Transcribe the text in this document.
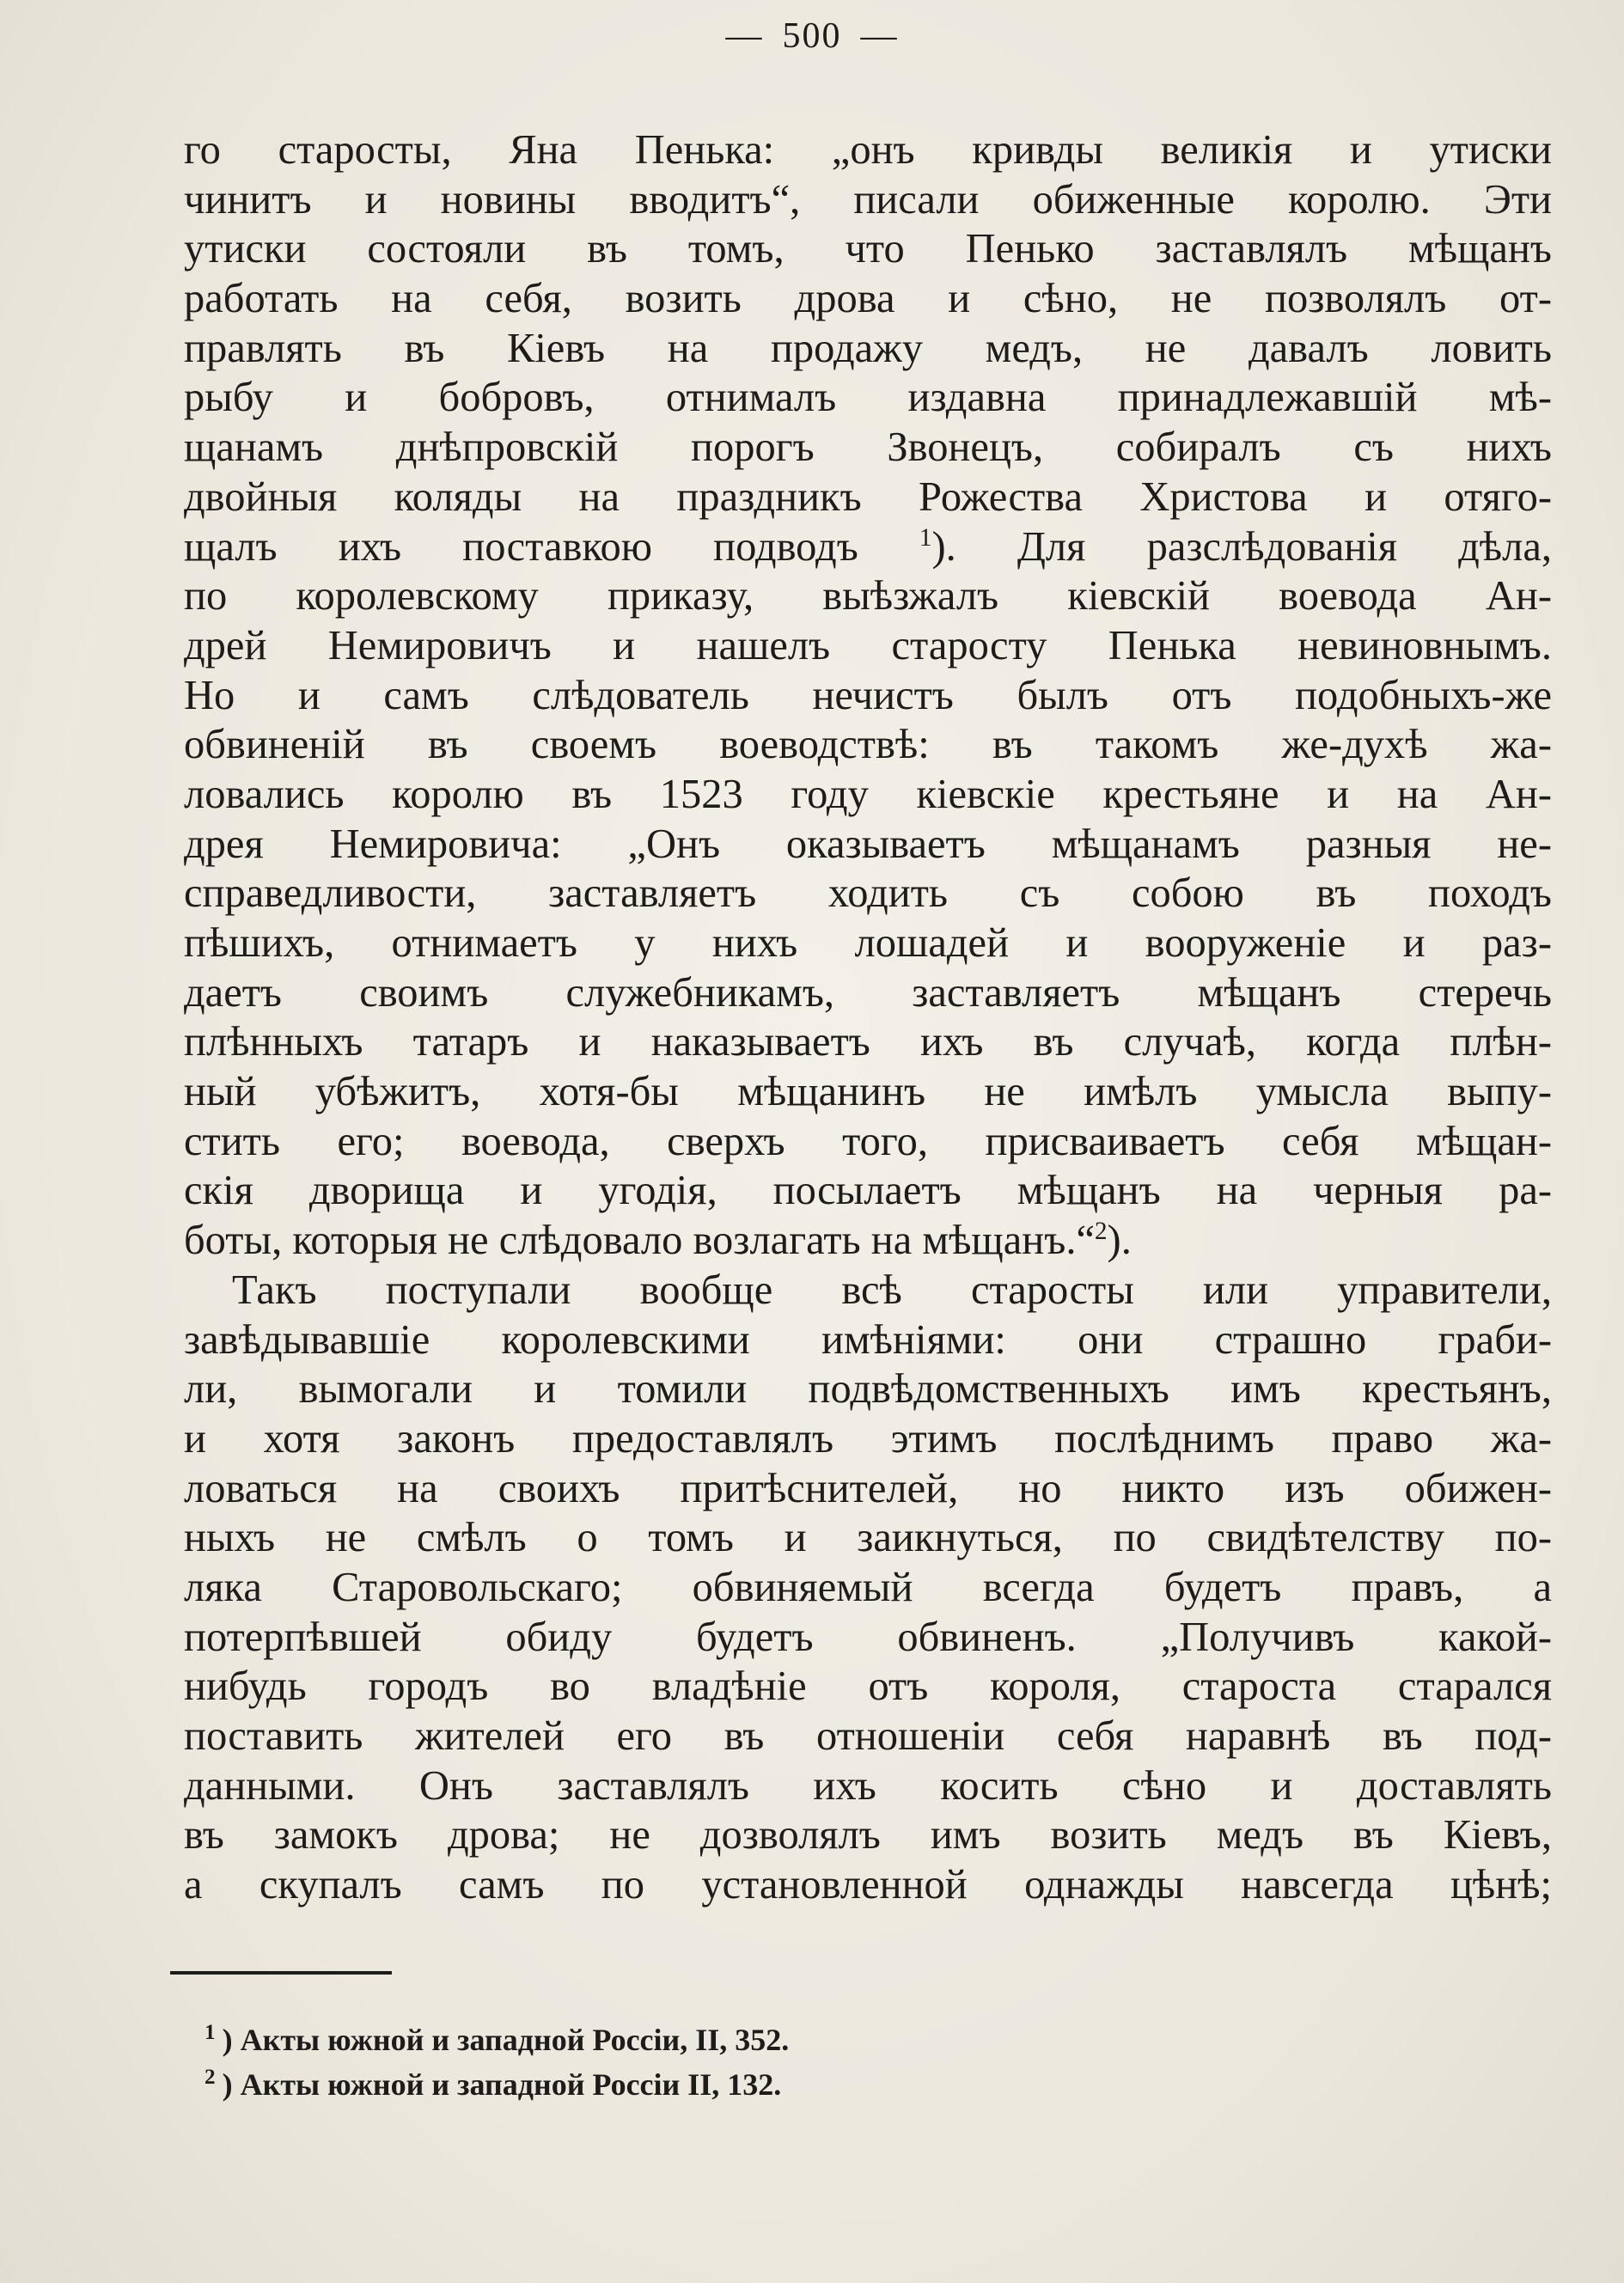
— 500 —
го старосты, Яна Пенька: „онъ кривды великія и утиски
чинитъ и новины вводитъ“, писали обиженные королю. Эти
утиски состояли въ томъ, что Пенько заставлялъ мѣщанъ
работать на себя, возить дрова и сѣно, не позволялъ от-
правлять въ Кіевъ на продажу медъ, не давалъ ловить
рыбу и бобровъ, отнималъ издавна принадлежавшій мѣ-
щанамъ днѣпровскій порогъ Звонецъ, собиралъ съ нихъ
двойныя коляды на праздникъ Рожества Христова и отяго-
щалъ ихъ поставкою подводъ $^1$). Для разслѣдованія дѣла,
по королевскому приказу, выѣзжалъ кіевскій воевода Ан-
дрей Немировичъ и нашелъ старосту Пенька невиновнымъ.
Но и самъ слѣдователь нечистъ былъ отъ подобныхъ-же
обвиненій въ своемъ воеводствѣ: въ такомъ же-духѣ жа-
ловались королю въ 1523 году кіевскіе крестьяне и на Ан-
дрея Немировича: „Онъ оказываетъ мѣщанамъ разныя не-
справедливости, заставляетъ ходить съ собою въ походъ
пѣшихъ, отнимаетъ у нихъ лошадей и вооруженіе и раз-
даетъ своимъ служебникамъ, заставляетъ мѣщанъ стеречь
плѣнныхъ татаръ и наказываетъ ихъ въ случаѣ, когда плѣн-
ный убѣжитъ, хотя-бы мѣщанинъ не имѣлъ умысла выпу-
стить его; воевода, сверхъ того, присваиваетъ себя мѣщан-
скія дворища и угодія, посылаетъ мѣщанъ на черныя ра-
боты, которыя не слѣдовало возлагать на мѣщанъ.“$^2$).
Такъ поступали вообще всѣ старосты или управители,
завѣдывавшіе королевскими имѣніями: они страшно граби-
ли, вымогали и томили подвѣдомственныхъ имъ крестьянъ,
и хотя законъ предоставлялъ этимъ послѣднимъ право жа-
ловаться на своихъ притѣснителей, но никто изъ обижен-
ныхъ не смѣлъ о томъ и заикнуться, по свидѣтелству по-
ляка Старовольскаго; обвиняемый всегда будетъ правъ, а
потерпѣвшей обиду будетъ обвиненъ. „Получивъ какой-
нибудь городъ во владѣніе отъ короля, староста старался
поставить жителей его въ отношеніи себя наравнѣ въ под-
данными. Онъ заставлялъ ихъ косить сѣно и доставлять
въ замокъ дрова; не дозволялъ имъ возить медъ въ Кіевъ,
а скупалъ самъ по установленной однажды навсегда цѣнѣ;
$^1$ ) Акты южной и западной Россіи, II, 352.
$^2$ ) Акты южной и западной Россіи II, 132.
